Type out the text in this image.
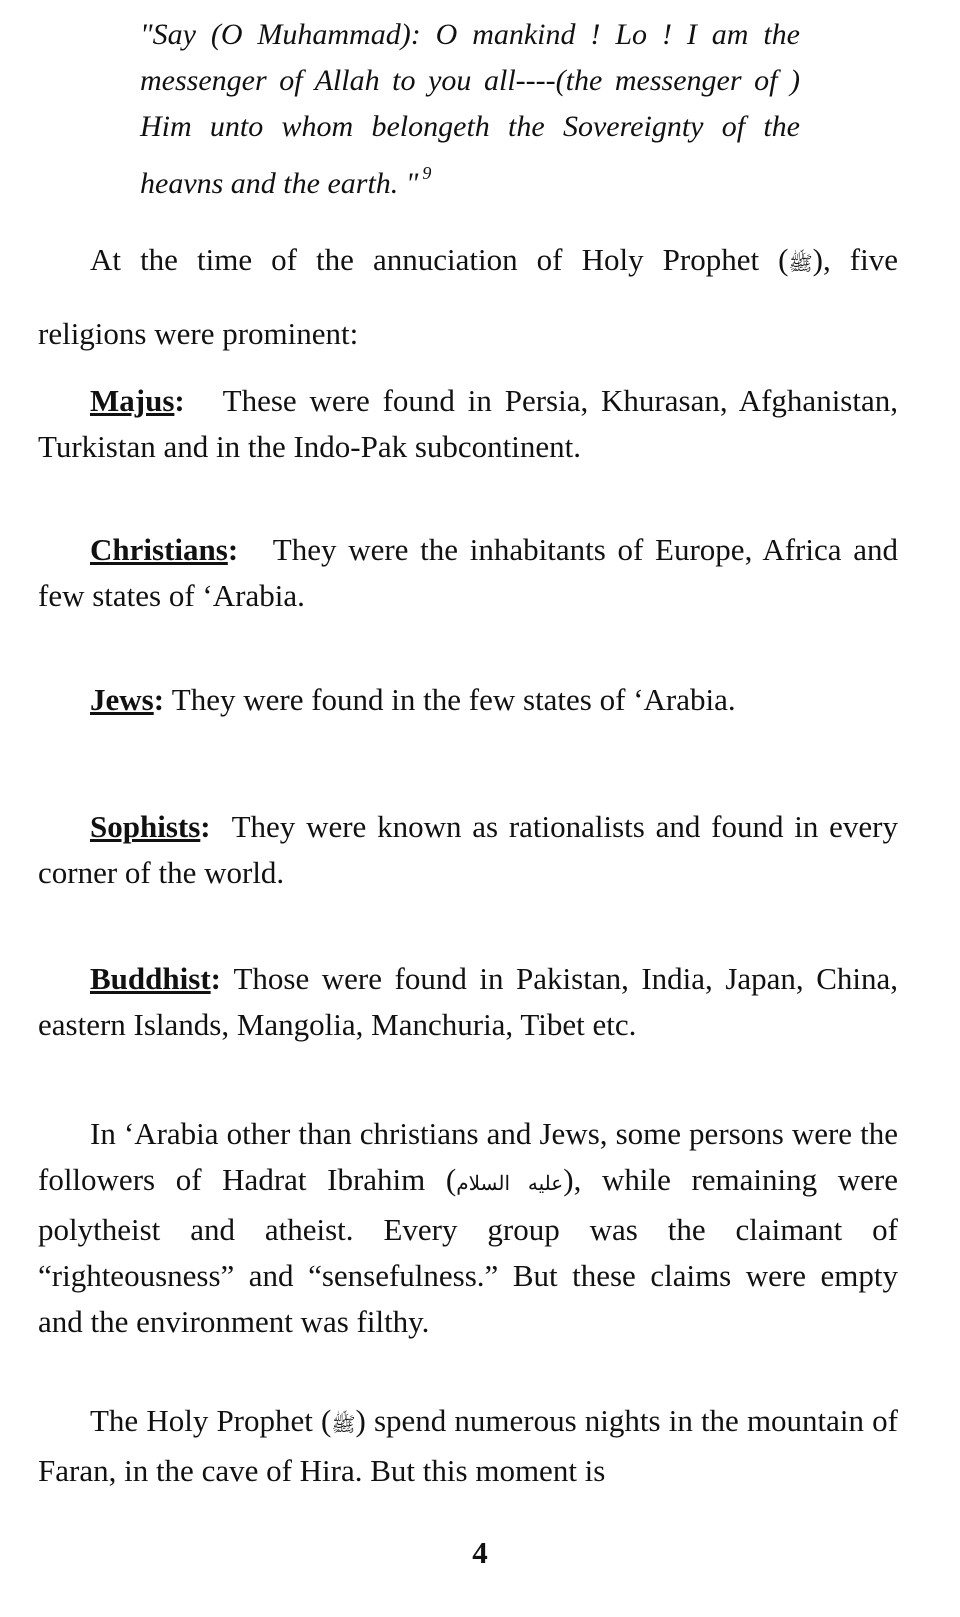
"Say (O Muhammad): O mankind ! Lo ! I am the messenger of Allah to you all----(the messenger of ) Him unto whom belongeth the Sovereignty of the heavns and the earth. " $^9$

At the time of the annuciation of Holy Prophet (ﷺ), five religions were prominent:

Majus: These were found in Persia, Khurasan, Afghanistan, Turkistan and in the Indo-Pak subcontinent.

Christians: They were the inhabitants of Europe, Africa and few states of ‘Arabia.

Jews: They were found in the few states of ‘Arabia.

Sophists: They were known as rationalists and found in every corner of the world.

Buddhist: Those were found in Pakistan, India, Japan, China, eastern Islands, Mangolia, Manchuria, Tibet etc.

In ‘Arabia other than christians and Jews, some persons were the followers of Hadrat Ibrahim (عليه السلام), while remaining were polytheist and atheist. Every group was the claimant of “righteousness” and “sensefulness.” But these claims were empty and the environment was filthy.

The Holy Prophet (ﷺ) spend numerous nights in the mountain of Faran, in the cave of Hira. But this moment is

4
